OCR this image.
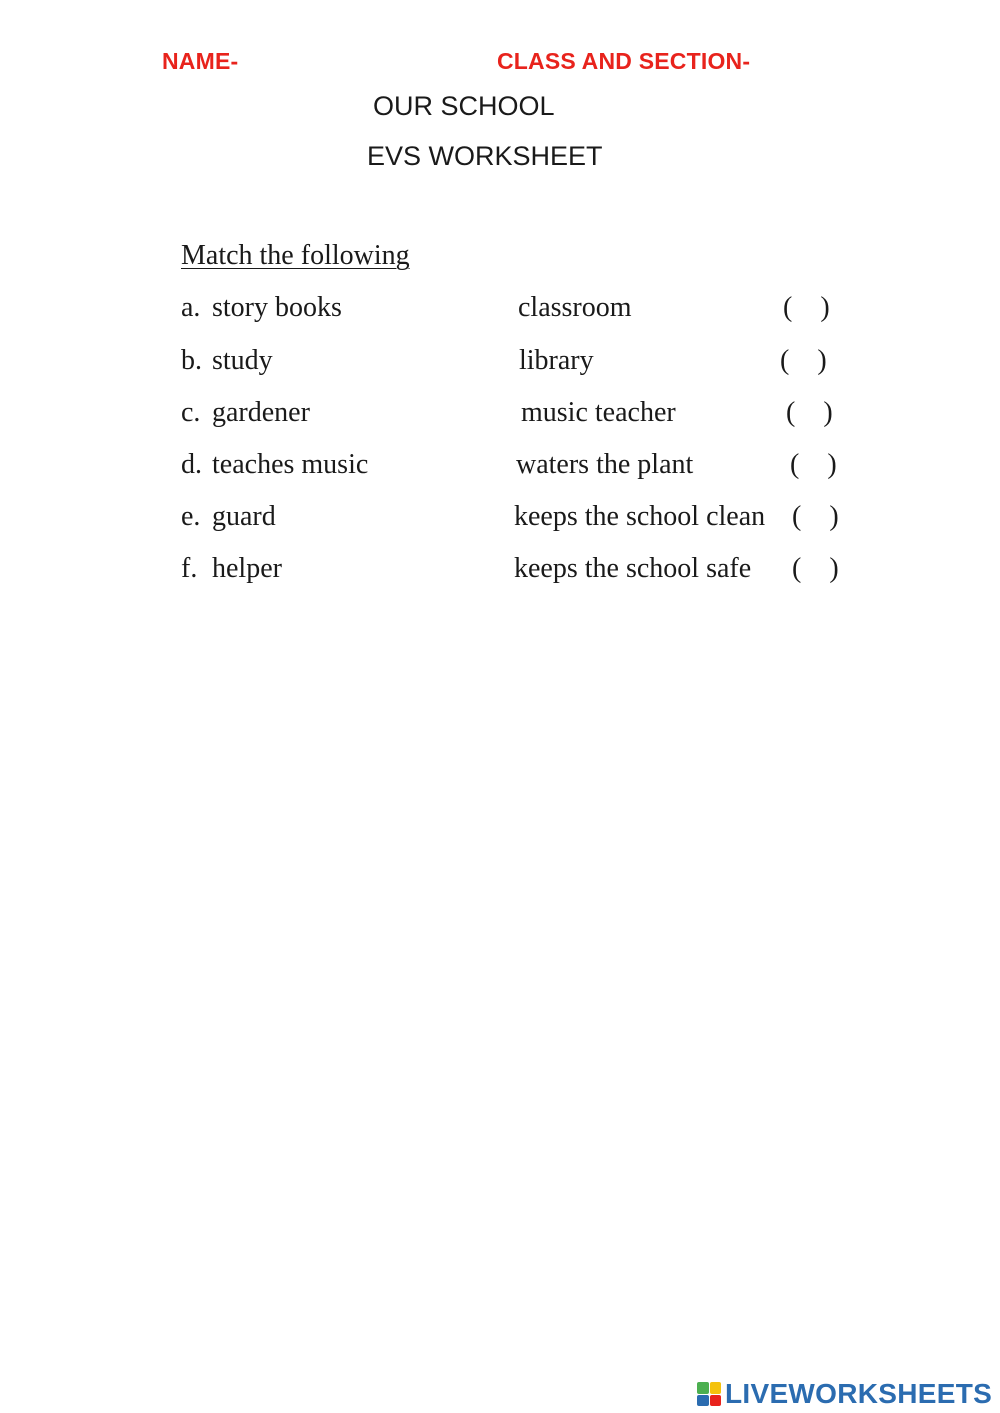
NAME-	CLASS AND SECTION-
OUR SCHOOL
EVS WORKSHEET
Match the following
a. story books	classroom	(    )
b. study	library	(    )
c. gardener	music teacher	(    )
d. teaches music	waters the plant	(    )
e. guard	keeps the school clean (    )
f. helper	keeps the school safe (    )
LIVEWORKSHEETS
